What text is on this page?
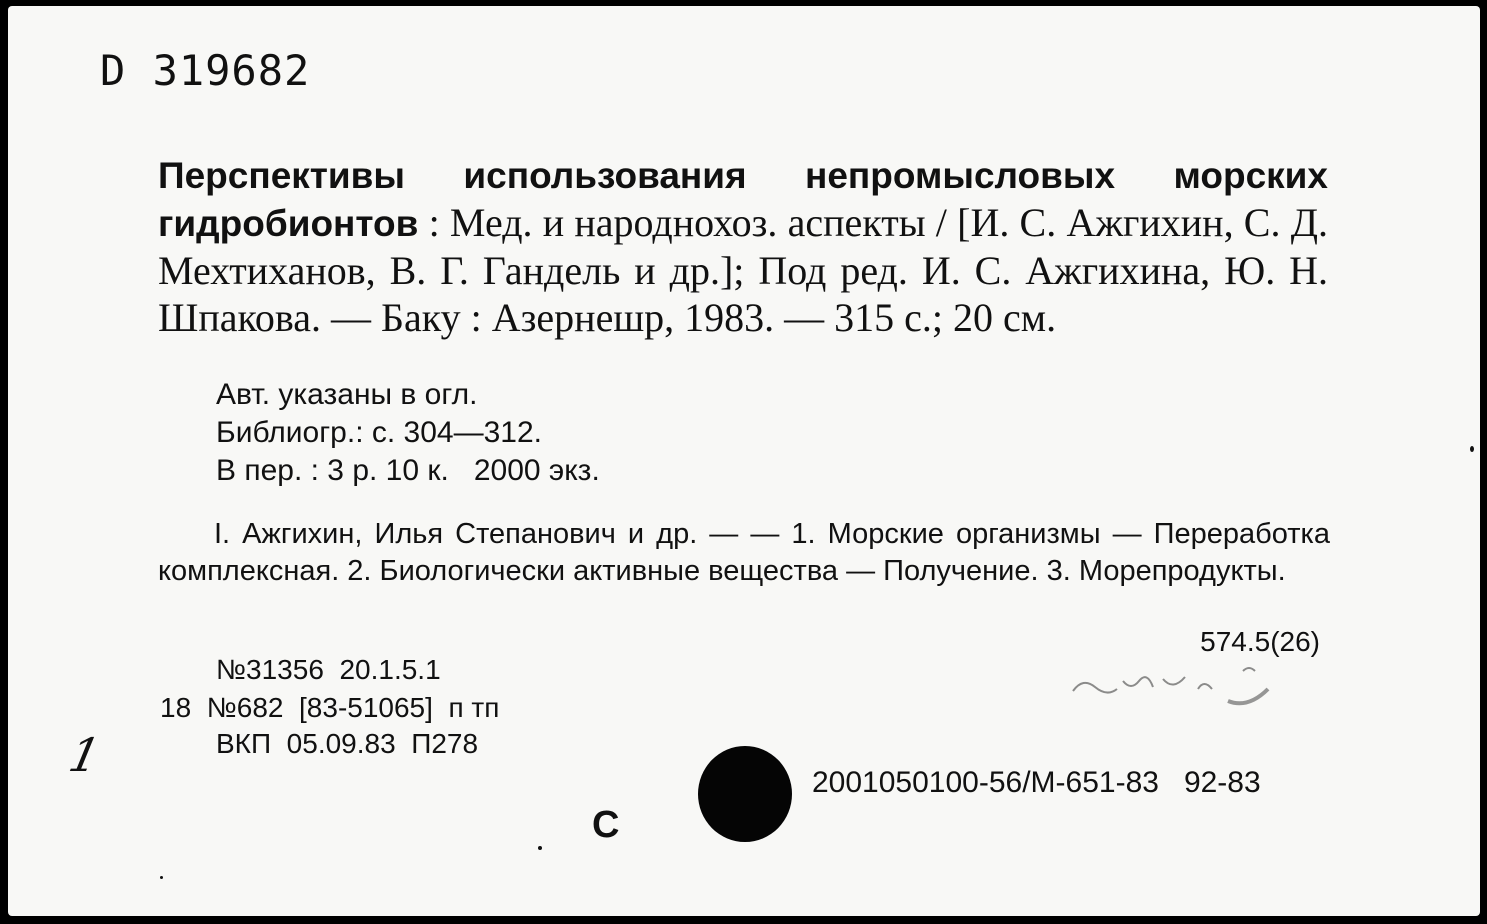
D 319682
Перспективы использования непромысловых морских гидробионтов : Мед. и народнохоз. аспекты / [И. С. Ажгихин, С. Д. Мехтиханов, В. Г. Гандель и др.]; Под ред. И. С. Ажгихина, Ю. Н. Шпакова. — Баку : Азернешр, 1983. — 315 с.; 20 см.
Авт. указаны в огл.
Библиогр.: с. 304—312.
В пер. : 3 р. 10 к.   2000 экз.
I. Ажгихин, Илья Степанович и др. — — 1. Морские организмы — Переработка комплексная. 2. Биологически активные вещества — Получение. 3. Морепродукты.
574.5(26)
№31356  20.1.5.1
18  №682  [83-51065]  п тп
ВКП  05.09.83  П278
1
2001050100-56/М-651-83   92-83
С
